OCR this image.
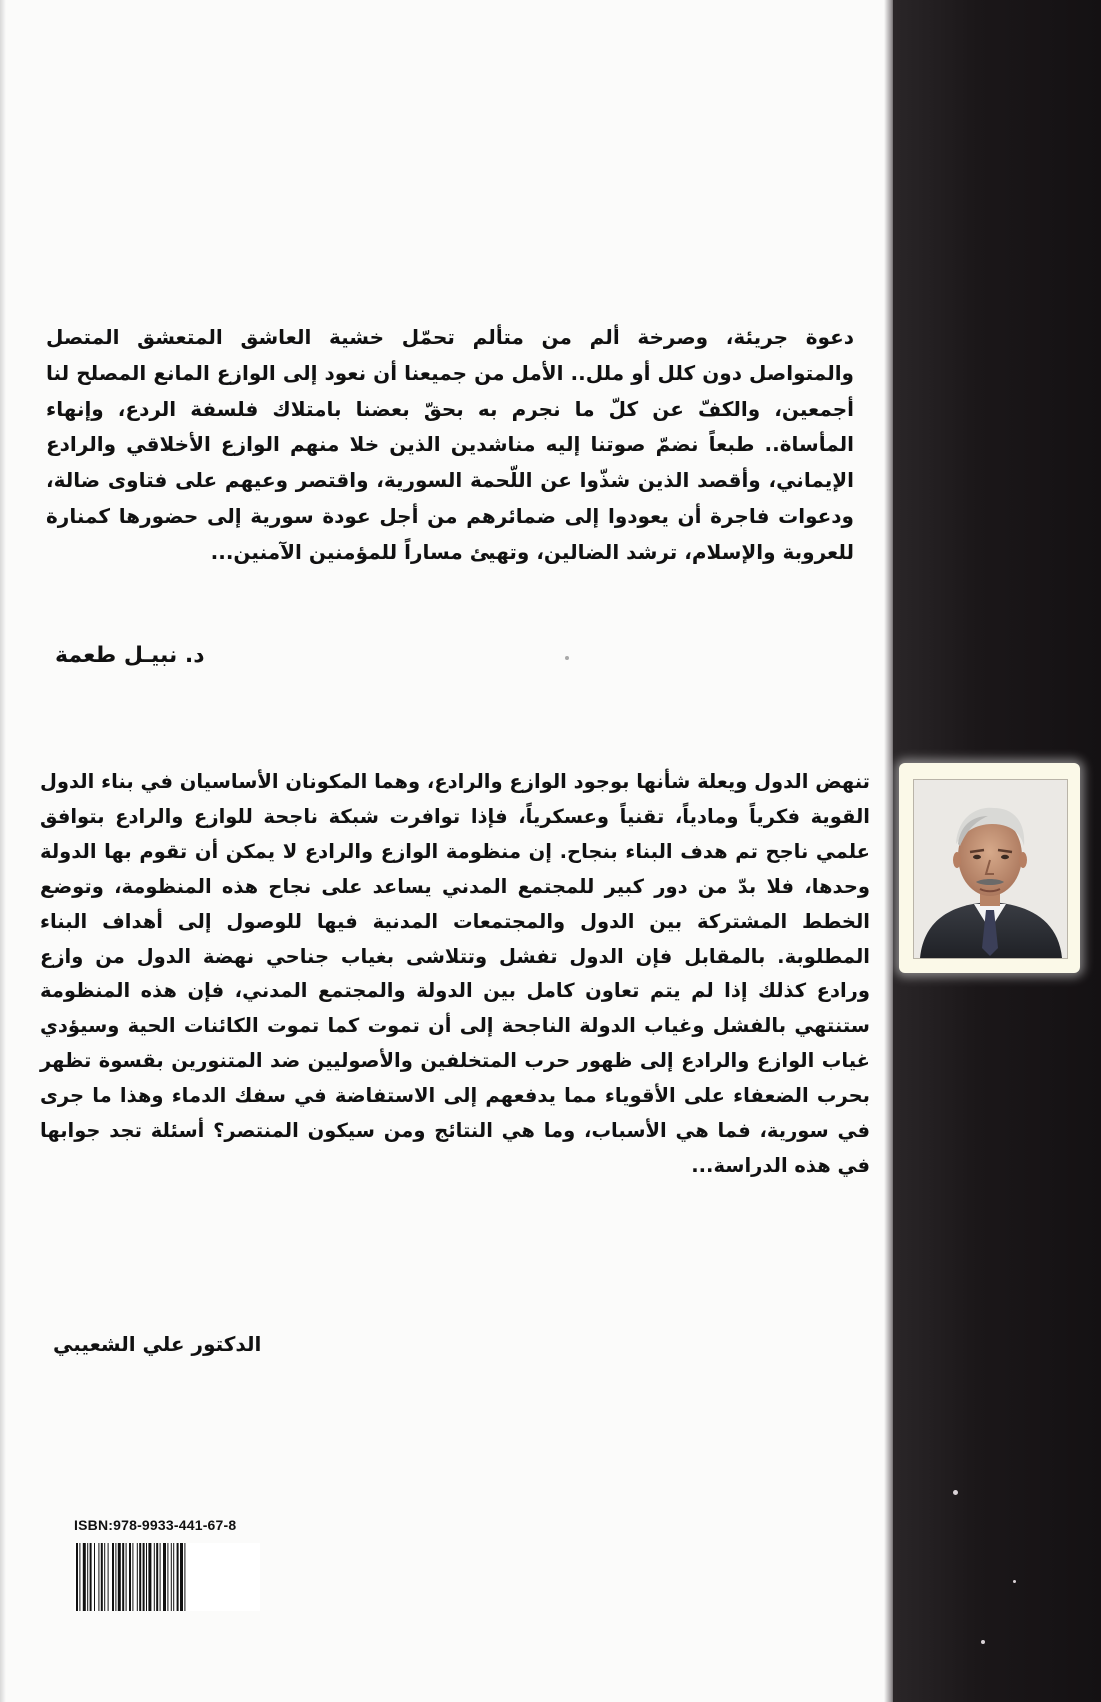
دعوة جريئة، وصرخة ألم من متألم تحمّل خشية العاشق المتعشق المتصل والمتواصل دون كلل أو ملل.. الأمل من جميعنا أن نعود إلى الوازع المانع المصلح لنا أجمعين، والكفّ عن كلّ ما نجرم به بحقّ بعضنا بامتلاك فلسفة الردع، وإنهاء المأساة.. طبعاً نضمّ صوتنا إليه مناشدين الذين خلا منهم الوازع الأخلاقي والرادع الإيماني، وأقصد الذين شذّوا عن اللّحمة السورية، واقتصر وعيهم على فتاوى ضالة، ودعوات فاجرة أن يعودوا إلى ضمائرهم من أجل عودة سورية إلى حضورها كمنارة للعروبة والإسلام، ترشد الضالين، وتهيئ مساراً للمؤمنين الآمنين...
د. نبيـل طعمة
تنهض الدول ويعلة شأنها بوجود الوازع والرادع، وهما المكونان الأساسيان في بناء الدول القوية فكرياً ومادياً، تقنياً وعسكرياً، فإذا توافرت شبكة ناجحة للوازع والرادع بتوافق علمي ناجح تم هدف البناء بنجاح. إن منظومة الوازع والرادع لا يمكن أن تقوم بها الدولة وحدها، فلا بدّ من دور كبير للمجتمع المدني يساعد على نجاح هذه المنظومة، وتوضع الخطط المشتركة بين الدول والمجتمعات المدنية فيها للوصول إلى أهداف البناء المطلوبة. بالمقابل فإن الدول تفشل وتتلاشى بغياب جناحي نهضة الدول من وازع ورادع كذلك إذا لم يتم تعاون كامل بين الدولة والمجتمع المدني، فإن هذه المنظومة ستنتهي بالفشل وغياب الدولة الناجحة إلى أن تموت كما تموت الكائنات الحية وسيؤدي غياب الوازع والرادع إلى ظهور حرب المتخلفين والأصوليين ضد المتنورين بقسوة تظهر بحرب الضعفاء على الأقوياء مما يدفعهم إلى الاستفاضة في سفك الدماء وهذا ما جرى في سورية، فما هي الأسباب، وما هي النتائج ومن سيكون المنتصر؟ أسئلة تجد جوابها في هذه الدراسة...
الدكتور علي الشعيبي
ISBN:978-9933-441-67-8
